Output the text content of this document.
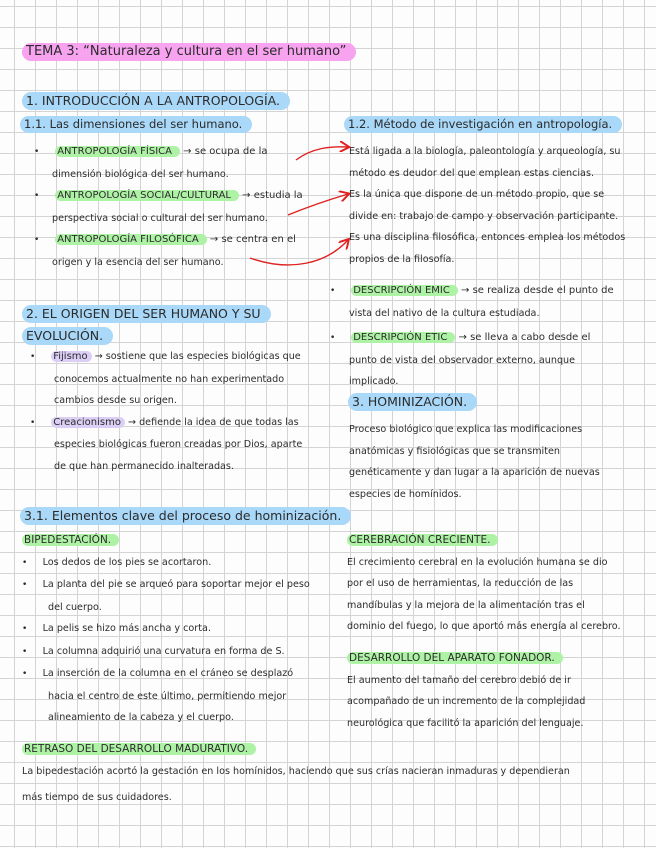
TEMA 3: “Naturaleza y cultura en el ser humano”
1. INTRODUCCIÓN A LA ANTROPOLOGÍA.
1.1. Las dimensiones del ser humano.	1.2. Método de investigación en antropología.
• ANTROPOLOGÍA FÍSICA → se ocupa de la
dimensión biológica del ser humano.
• ANTROPOLOGÍA SOCIAL/CULTURAL → estudia la
perspectiva social o cultural del ser humano.
• ANTROPOLOGÍA FILOSÓFICA → se centra en el
origen y la esencia del ser humano.
Está ligada a la biología, paleontología y arqueología, su
método es deudor del que emplean estas ciencias.
Es la única que dispone de un método propio, que se
divide en: trabajo de campo y observación participante.
Es una disciplina filosófica, entonces emplea los métodos
propios de la filosofía.
• DESCRIPCIÓN EMIC → se realiza desde el punto de
vista del nativo de la cultura estudiada.
• DESCRIPCIÓN ETIC → se lleva a cabo desde el
punto de vista del observador externo, aunque
implicado.
2. EL ORIGEN DEL SER HUMANO Y SU
EVOLUCIÓN.
• Fijismo → sostiene que las especies biológicas que
conocemos actualmente no han experimentado
cambios desde su origen.
• Creacionismo → defiende la idea de que todas las
especies biológicas fueron creadas por Dios, aparte
de que han permanecido inalteradas.
3. HOMINIZACIÓN.
Proceso biológico que explica las modificaciones
anatómicas y fisiológicas que se transmiten
genéticamente y dan lugar a la aparición de nuevas
especies de homínidos.
3.1. Elementos clave del proceso de hominización.
BIPEDESTACIÓN.
• Los dedos de los pies se acortaron.
• La planta del pie se arqueó para soportar mejor el peso
del cuerpo.
• La pelis se hizo más ancha y corta.
• La columna adquirió una curvatura en forma de S.
• La inserción de la columna en el cráneo se desplazó
hacia el centro de este último, permitiendo mejor
alineamiento de la cabeza y el cuerpo.
CEREBRACIÓN CRECIENTE.
El crecimiento cerebral en la evolución humana se dio
por el uso de herramientas, la reducción de las
mandíbulas y la mejora de la alimentación tras el
dominio del fuego, lo que aportó más energía al cerebro.
DESARROLLO DEL APARATO FONADOR.
El aumento del tamaño del cerebro debió de ir
acompañado de un incremento de la complejidad
neurológica que facilitó la aparición del lenguaje.
RETRASO DEL DESARROLLO MADURATIVO.
La bipedestación acortó la gestación en los homínidos, haciendo que sus crías nacieran inmaduras y dependieran
más tiempo de sus cuidadores.
